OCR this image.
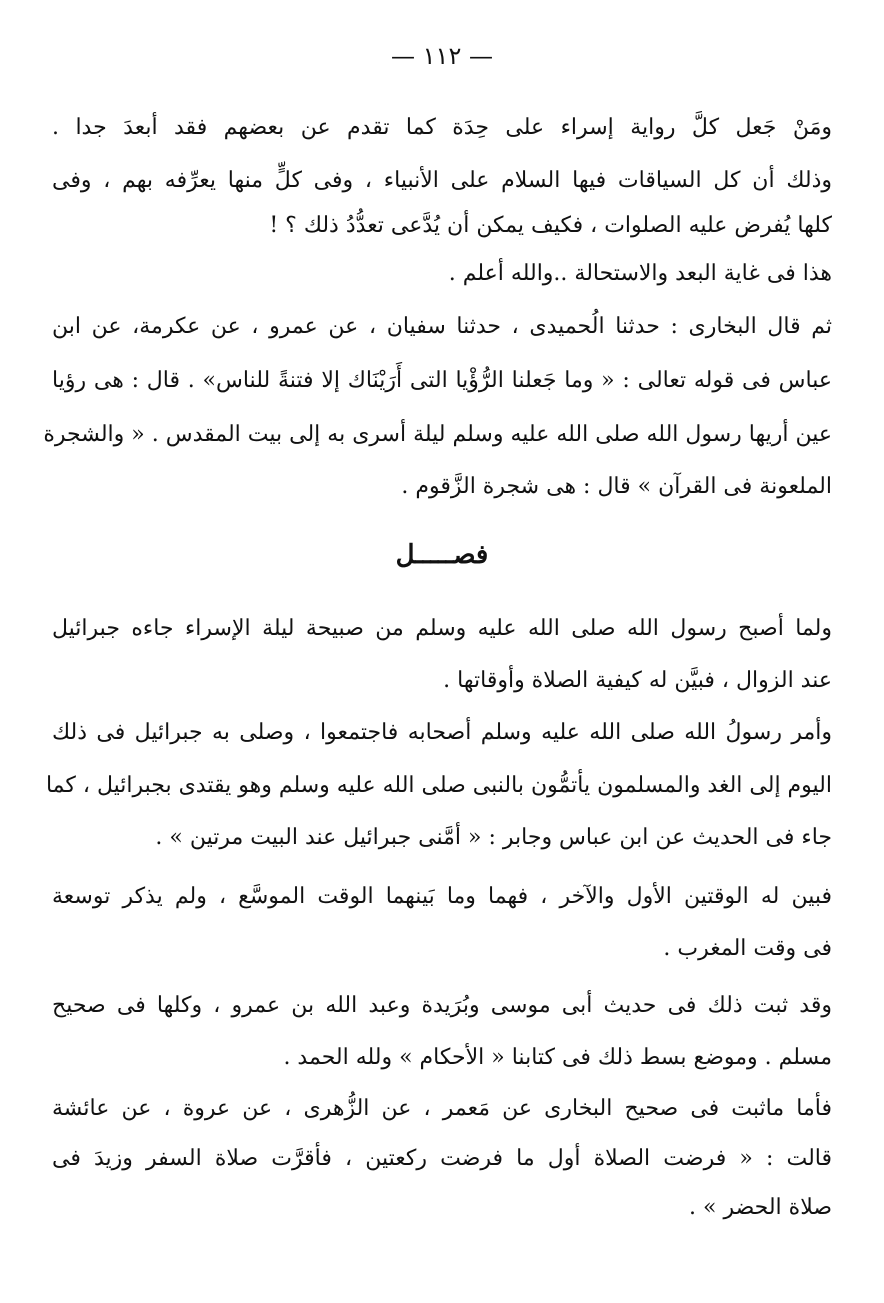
— ١١٢ —
ومَنْ جَعل كلَّ رواية إسراء على حِدَة كما تقدم عن بعضهم فقد أبعدَ جدا .
وذلك أن كل السياقات فيها السلام على الأنبياء ، وفى كلٍّ منها يعرِّفه بهم ، وفى
كلها يُفرض عليه الصلوات ، فكيف يمكن أن يُدَّعى تعدُّدُ ذلك ؟ !
هذا فى غاية البعد والاستحالة ..والله أعلم .
ثم قال البخارى : حدثنا الُحميدى ، حدثنا سفيان ، عن عمرو ، عن عكرمة، عن ابن
عباس فى قوله تعالى : « وما جَعلنا الرُّؤْيا التى أَرَيْنَاك إلا فتنةً للناس» . قال : هى رؤيا
عين أريها رسول الله صلى الله عليه وسلم ليلة أسرى به إلى بيت المقدس . « والشجرة
الملعونة فى القرآن » قال : هى شجرة الزَّقوم .
فصـــــل
ولما أصبح رسول الله صلى الله عليه وسلم من صبيحة ليلة الإسراء جاءه جبرائيل
عند الزوال ، فبيَّن له كيفية الصلاة وأوقاتها .
وأمر رسولُ الله صلى الله عليه وسلم أصحابه فاجتمعوا ، وصلى به جبرائيل فى ذلك
اليوم إلى الغد والمسلمون يأتمُّون بالنبى صلى الله عليه وسلم وهو يقتدى بجبرائيل ، كما
جاء فى الحديث عن ابن عباس وجابر : « أمَّنى جبرائيل عند البيت مرتين » .
فبين له الوقتين الأول والآخر ، فهما وما بَينهما الوقت الموسَّع ، ولم يذكر توسعة
فى وقت المغرب .
وقد ثبت ذلك فى حديث أبى موسى وبُرَيدة وعبد الله بن عمرو ، وكلها فى صحيح
مسلم . وموضع بسط ذلك فى كتابنا « الأحكام » ولله الحمد .
فأما ماثبت فى صحيح البخارى عن مَعمر ، عن الزُّهرى ، عن عروة ، عن عائشة
قالت : « فرضت الصلاة أول ما فرضت ركعتين ، فأقرَّت صلاة السفر وزيدَ فى
صلاة الحضر » .
